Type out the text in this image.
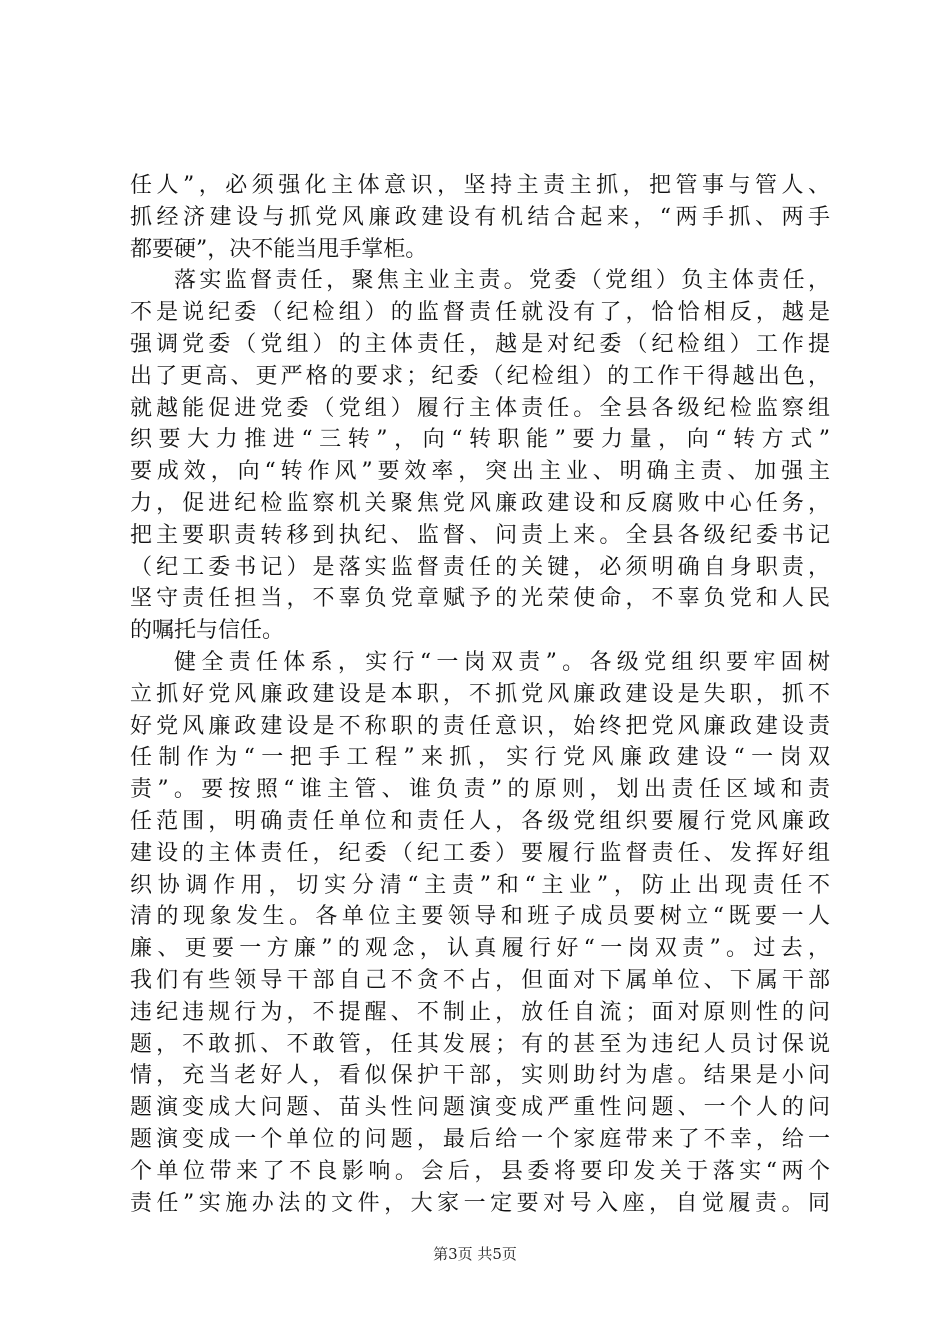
任人”，必须强化主体意识，坚持主责主抓，把管事与管人、
抓经济建设与抓党风廉政建设有机结合起来，“两手抓、两手
都要硬”，决不能当甩手掌柜。
落实监督责任，聚焦主业主责。党委（党组）负主体责任，
不是说纪委（纪检组）的监督责任就没有了，恰恰相反，越是
强调党委（党组）的主体责任，越是对纪委（纪检组）工作提
出了更高、更严格的要求；纪委（纪检组）的工作干得越出色，
就越能促进党委（党组）履行主体责任。全县各级纪检监察组
织要大力推进“三转”，向“转职能”要力量，向“转方式”
要成效，向“转作风”要效率，突出主业、明确主责、加强主
力，促进纪检监察机关聚焦党风廉政建设和反腐败中心任务，
把主要职责转移到执纪、监督、问责上来。全县各级纪委书记
（纪工委书记）是落实监督责任的关键，必须明确自身职责，
坚守责任担当，不辜负党章赋予的光荣使命，不辜负党和人民
的嘱托与信任。
健全责任体系，实行“一岗双责”。各级党组织要牢固树
立抓好党风廉政建设是本职，不抓党风廉政建设是失职，抓不
好党风廉政建设是不称职的责任意识，始终把党风廉政建设责
任制作为“一把手工程”来抓，实行党风廉政建设“一岗双
责”。要按照“谁主管、谁负责”的原则，划出责任区域和责
任范围，明确责任单位和责任人，各级党组织要履行党风廉政
建设的主体责任，纪委（纪工委）要履行监督责任、发挥好组
织协调作用，切实分清“主责”和“主业”，防止出现责任不
清的现象发生。各单位主要领导和班子成员要树立“既要一人
廉、更要一方廉”的观念，认真履行好“一岗双责”。过去，
我们有些领导干部自己不贪不占，但面对下属单位、下属干部
违纪违规行为，不提醒、不制止，放任自流；面对原则性的问
题，不敢抓、不敢管，任其发展；有的甚至为违纪人员讨保说
情，充当老好人，看似保护干部，实则助纣为虐。结果是小问
题演变成大问题、苗头性问题演变成严重性问题、一个人的问
题演变成一个单位的问题，最后给一个家庭带来了不幸，给一
个单位带来了不良影响。会后，县委将要印发关于落实“两个
责任”实施办法的文件，大家一定要对号入座，自觉履责。同
第3页 共5页
